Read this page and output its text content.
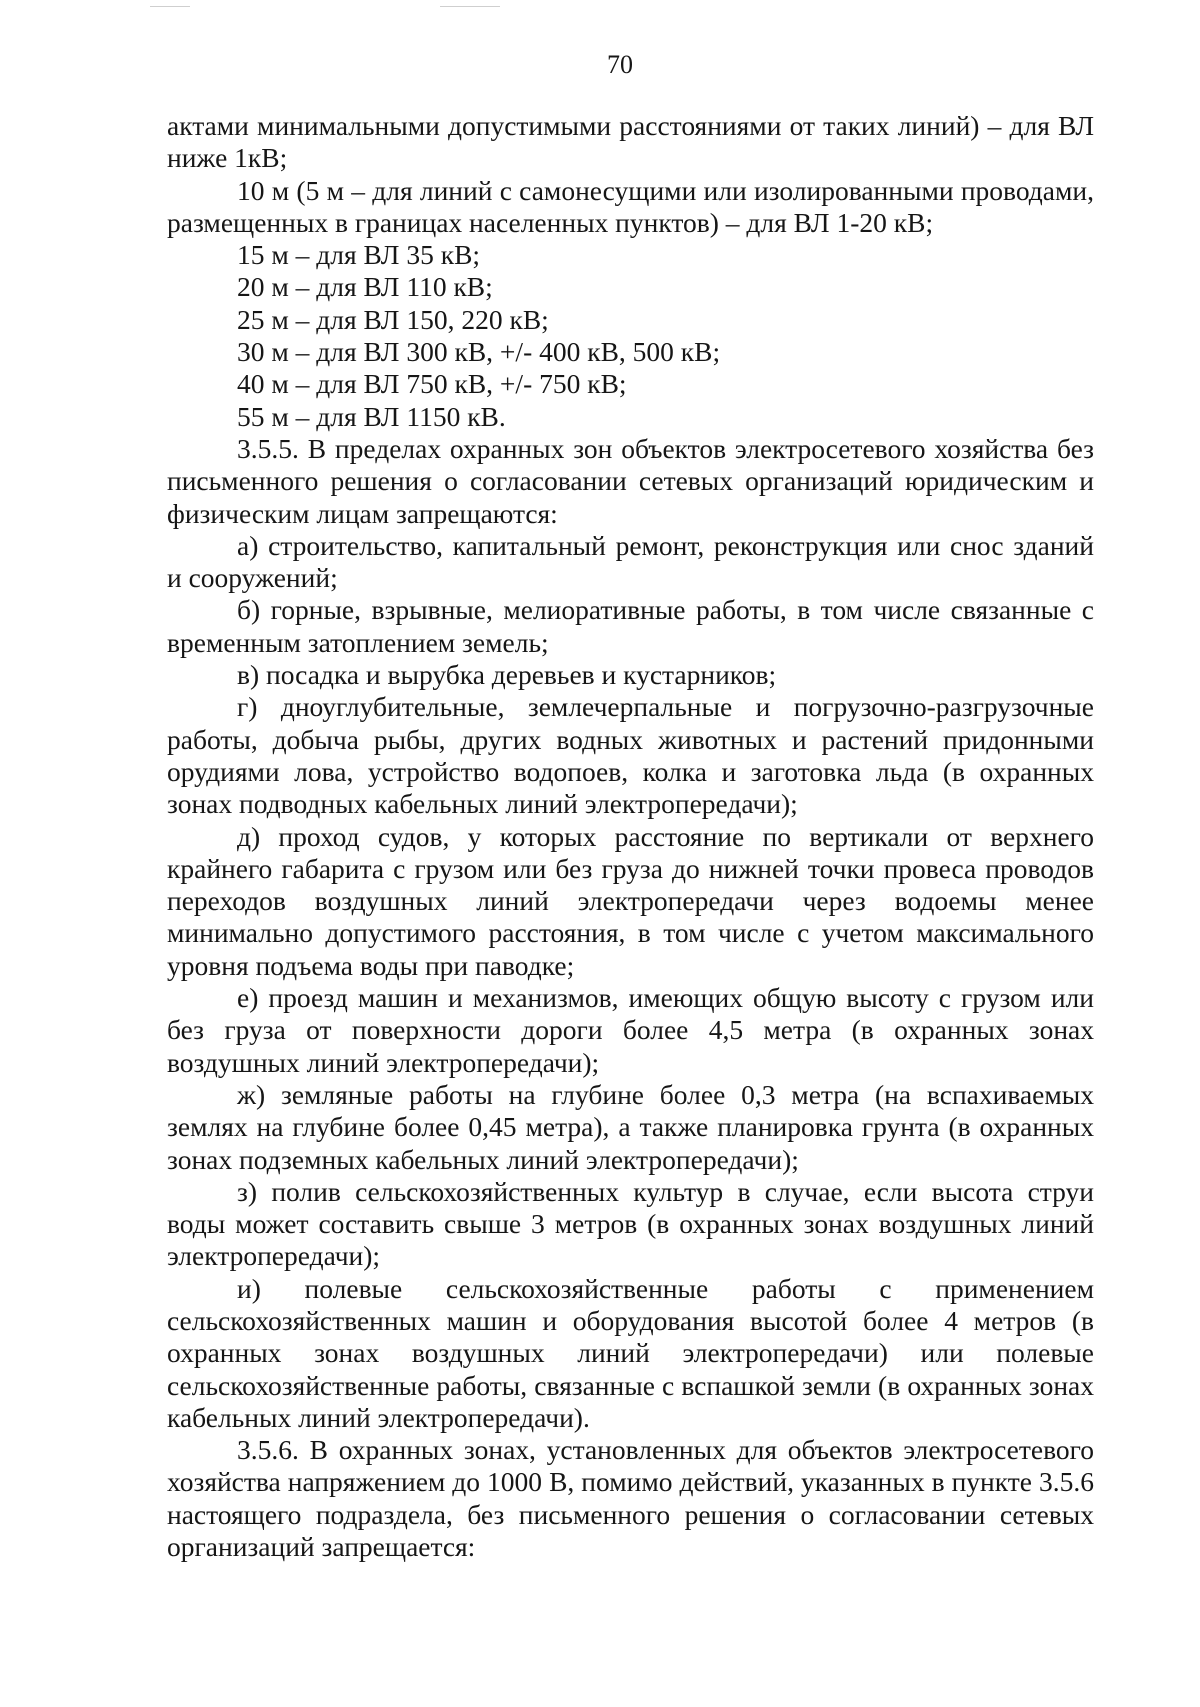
70

актами минимальными допустимыми расстояниями от таких линий) – для ВЛ ниже 1кВ;

10 м (5 м – для линий с самонесущими или изолированными проводами, размещенных в границах населенных пунктов) – для ВЛ 1-20 кВ;

15 м – для ВЛ 35 кВ;

20 м – для ВЛ 110 кВ;

25 м – для ВЛ 150, 220 кВ;

30 м – для ВЛ 300 кВ, +/- 400 кВ, 500 кВ;

40 м – для ВЛ 750 кВ, +/- 750 кВ;

55 м – для ВЛ 1150 кВ.

3.5.5. В пределах охранных зон объектов электросетевого хозяйства без письменного решения о согласовании сетевых организаций юридическим и физическим лицам запрещаются:

а) строительство, капитальный ремонт, реконструкция или снос зданий и сооружений;

б) горные, взрывные, мелиоративные работы, в том числе связанные с временным затоплением земель;

в) посадка и вырубка деревьев и кустарников;

г) дноуглубительные, землечерпальные и погрузочно-разгрузочные работы, добыча рыбы, других водных животных и растений придонными орудиями лова, устройство водопоев, колка и заготовка льда (в охранных зонах подводных кабельных линий электропередачи);

д) проход судов, у которых расстояние по вертикали от верхнего крайнего габарита с грузом или без груза до нижней точки провеса проводов переходов воздушных линий электропередачи через водоемы менее минимально допустимого расстояния, в том числе с учетом максимального уровня подъема воды при паводке;

е) проезд машин и механизмов, имеющих общую высоту с грузом или без груза от поверхности дороги более 4,5 метра (в охранных зонах воздушных линий электропередачи);

ж) земляные работы на глубине более 0,3 метра (на вспахиваемых землях на глубине более 0,45 метра), а также планировка грунта (в охранных зонах подземных кабельных линий электропередачи);

з) полив сельскохозяйственных культур в случае, если высота струи воды может составить свыше 3 метров (в охранных зонах воздушных линий электропередачи);

и) полевые сельскохозяйственные работы с применением сельскохозяйственных машин и оборудования высотой более 4 метров (в охранных зонах воздушных линий электропередачи) или полевые сельскохозяйственные работы, связанные с вспашкой земли (в охранных зонах кабельных линий электропередачи).

3.5.6. В охранных зонах, установленных для объектов электросетевого хозяйства напряжением до 1000 В, помимо действий, указанных в пункте 3.5.6 настоящего подраздела, без письменного решения о согласовании сетевых организаций запрещается:
